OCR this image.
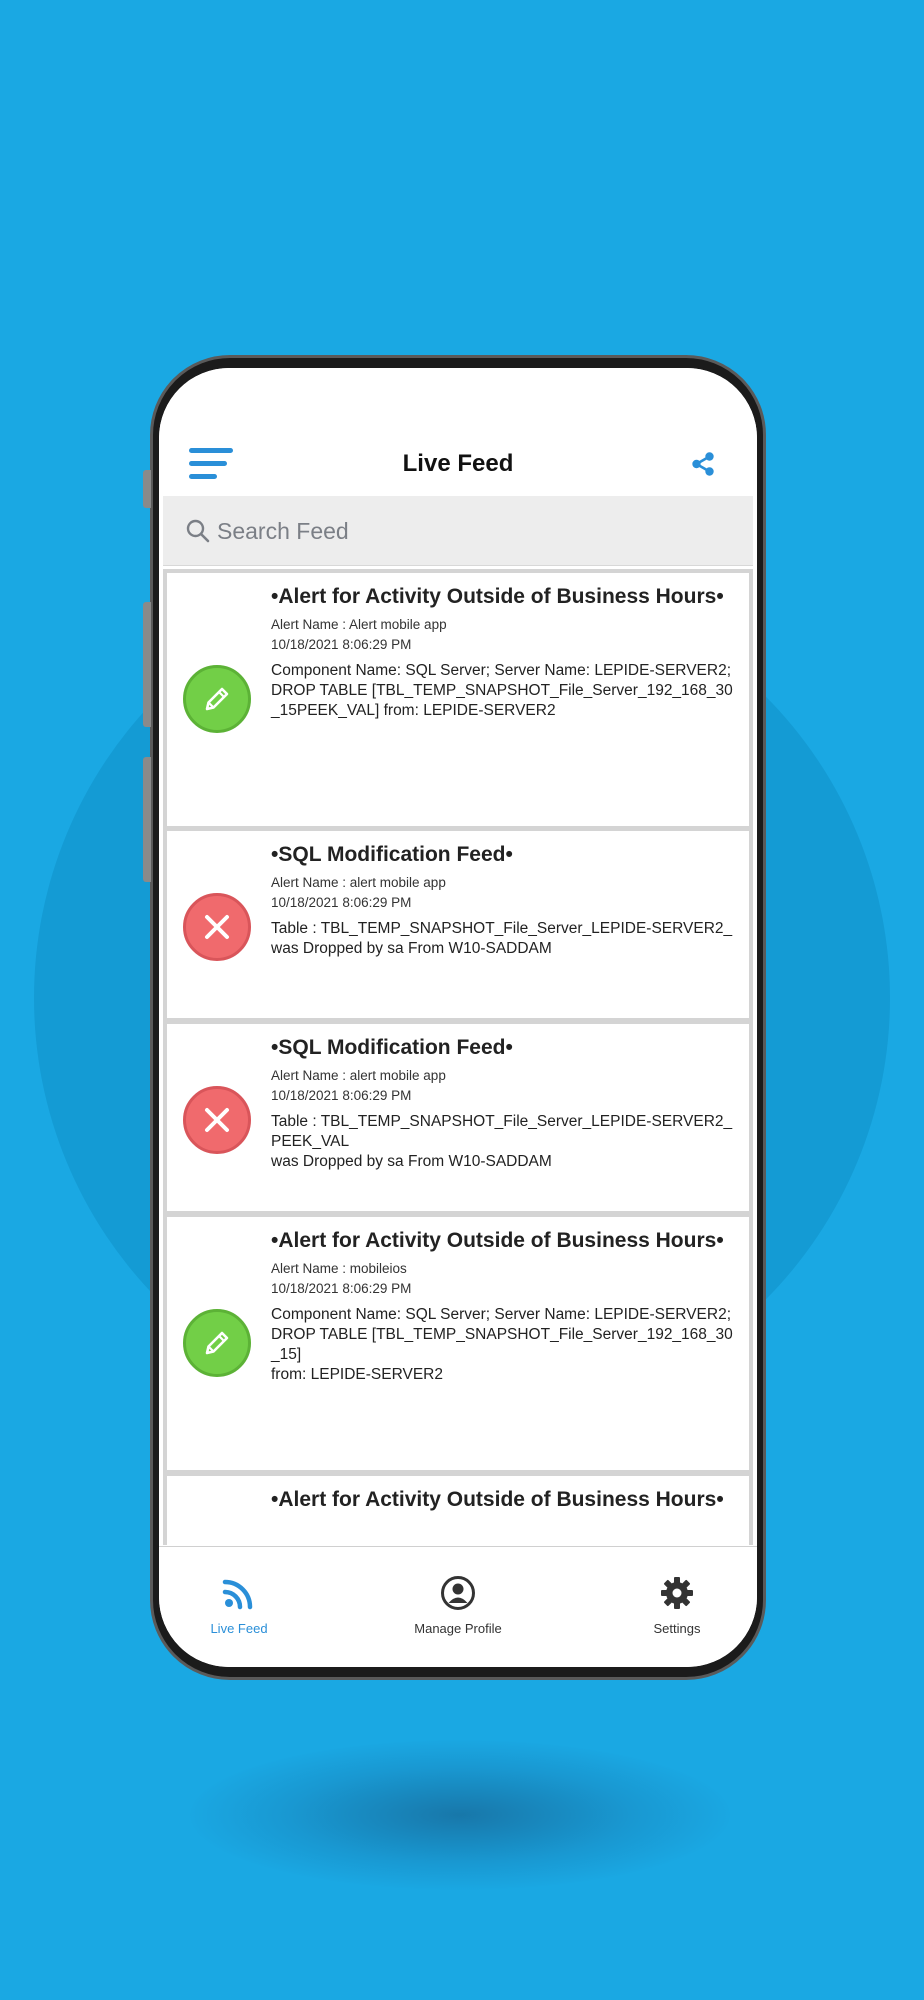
Live Feed
Search Feed
•Alert for Activity Outside of Business Hours•
Alert Name : Alert mobile app
10/18/2021 8:06:29 PM
Component Name: SQL Server; Server Name: LEPIDE-SERVER2;
DROP TABLE [TBL_TEMP_SNAPSHOT_File_Server_192_168_30_15PEEK_VAL] from: LEPIDE-SERVER2
•SQL Modification Feed•
Alert Name : alert mobile app
10/18/2021 8:06:29 PM
Table : TBL_TEMP_SNAPSHOT_File_Server_LEPIDE-SERVER2_
was Dropped by sa From W10-SADDAM
•SQL Modification Feed•
Alert Name : alert mobile app
10/18/2021 8:06:29 PM
Table : TBL_TEMP_SNAPSHOT_File_Server_LEPIDE-SERVER2_PEEK_VAL
was Dropped by sa From W10-SADDAM
•Alert for Activity Outside of Business Hours•
Alert Name : mobileios
10/18/2021 8:06:29 PM
Component Name: SQL Server; Server Name: LEPIDE-SERVER2;
DROP TABLE [TBL_TEMP_SNAPSHOT_File_Server_192_168_30_15]
from: LEPIDE-SERVER2
•Alert for Activity Outside of Business Hours•
Live Feed	Manage Profile	Settings
